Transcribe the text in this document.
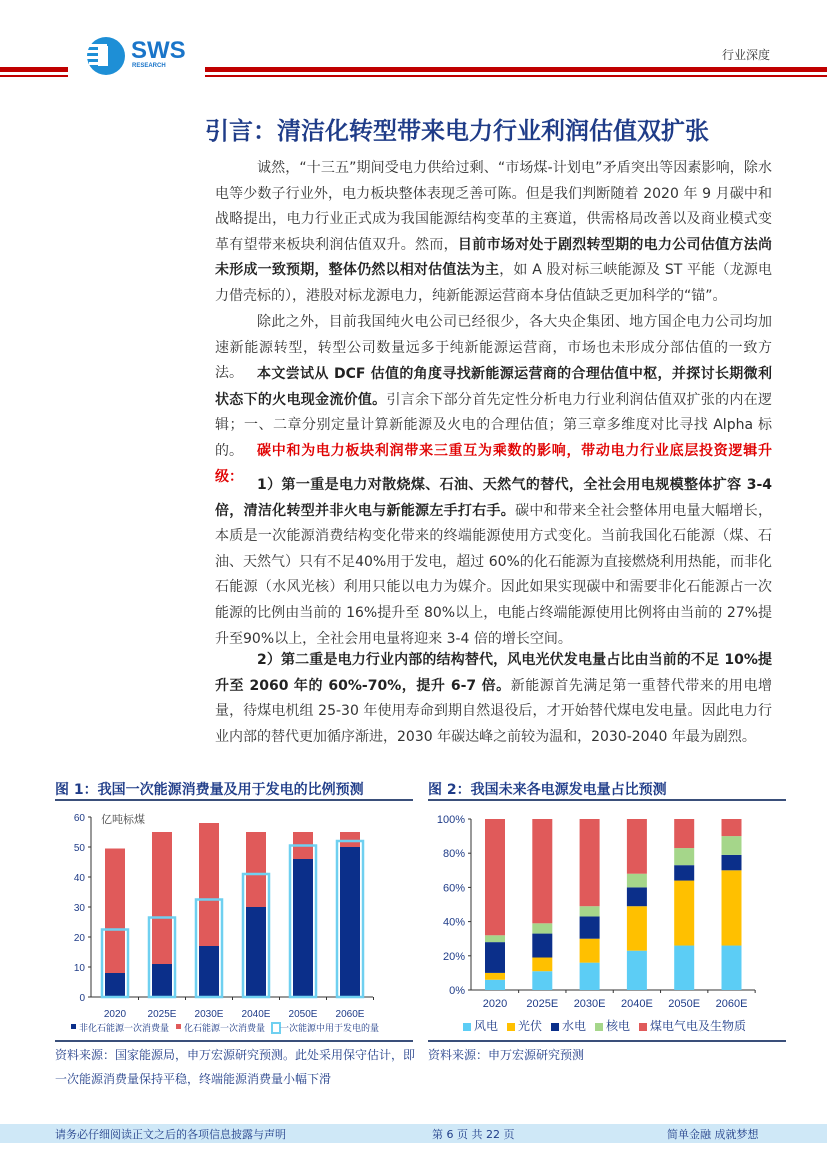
SWS
RESEARCH
行业深度
引言：清洁化转型带来电力行业利润估值双扩张
诚然，“十三五”期间受电力供给过剩、“市场煤-计划电”矛盾突出等因素影响，除水电等少数子行业外，电力板块整体表现乏善可陈。但是我们判断随着 2020 年 9 月碳中和战略提出，电力行业正式成为我国能源结构变革的主赛道，供需格局改善以及商业模式变革有望带来板块利润估值双升。然而，目前市场对处于剧烈转型期的电力公司估值方法尚未形成一致预期，整体仍然以相对估值法为主，如 A 股对标三峡能源及 ST 平能（龙源电力借壳标的），港股对标龙源电力，纯新能源运营商本身估值缺乏更加科学的“锚”。
除此之外，目前我国纯火电公司已经很少，各大央企集团、地方国企电力公司均加速新能源转型，转型公司数量远多于纯新能源运营商，市场也未形成分部估值的一致方法。	本文尝试从 DCF 估值的角度寻找新能源运营商的合理估值中枢，并探讨长期微利状态下的火电现金流价值。引言余下部分首先定性分析电力行业利润估值双扩张的内在逻辑；一、二章分别定量计算新能源及火电的合理估值；第三章多维度对比寻找 Alpha 标的。	碳中和为电力板块利润带来三重互为乘数的影响，带动电力行业底层投资逻辑升级：
1）第一重是电力对散烧煤、石油、天然气的替代，全社会用电规模整体扩容 3-4 倍，清洁化转型并非火电与新能源左手打右手。碳中和带来全社会整体用电量大幅增长，本质是一次能源消费结构变化带来的终端能源使用方式变化。当前我国化石能源（煤、石油、天然气）只有不足40%用于发电，超过 60%的化石能源为直接燃烧利用热能，而非化石能源（水风光核）利用只能以电力为媒介。因此如果实现碳中和需要非化石能源占一次能源的比例由当前的 16%提升至 80%以上，电能占终端能源使用比例将由当前的 27%提升至90%以上，全社会用电量将迎来 3-4 倍的增长空间。
2）第二重是电力行业内部的结构替代，风电光伏发电量占比由当前的不足 10%提升至 2060 年的 60%-70%，提升 6-7 倍。新能源首先满足第一重替代带来的用电增量，待煤电机组 25-30 年使用寿命到期自然退役后，才开始替代煤电发电量。因此电力行业内部的替代更加循序渐进，2030 年碳达峰之前较为温和，2030-2040 年最为剧烈。
图 1：我国一次能源消费量及用于发电的比例预测
0
10
20
30
40
50
60 亿吨标煤
2020 2025E 2030E 2040E 2050E 2060E
非化石能源一次消费量 化石能源一次消费量 一次能源中用于发电的量
资料来源：国家能源局，申万宏源研究预测。此处采用保守估计，即一次能源消费量保持平稳，终端能源消费量小幅下滑
图 2：我国未来各电源发电量占比预测
0%
20%
40%
60%
80%
100%
2020 2025E 2030E 2040E 2050E 2060E
风电 光伏 水电 核电 煤电气电及生物质
资料来源：申万宏源研究预测
请务必仔细阅读正文之后的各项信息披露与声明	第 6 页 共 22 页	简单金融 成就梦想
